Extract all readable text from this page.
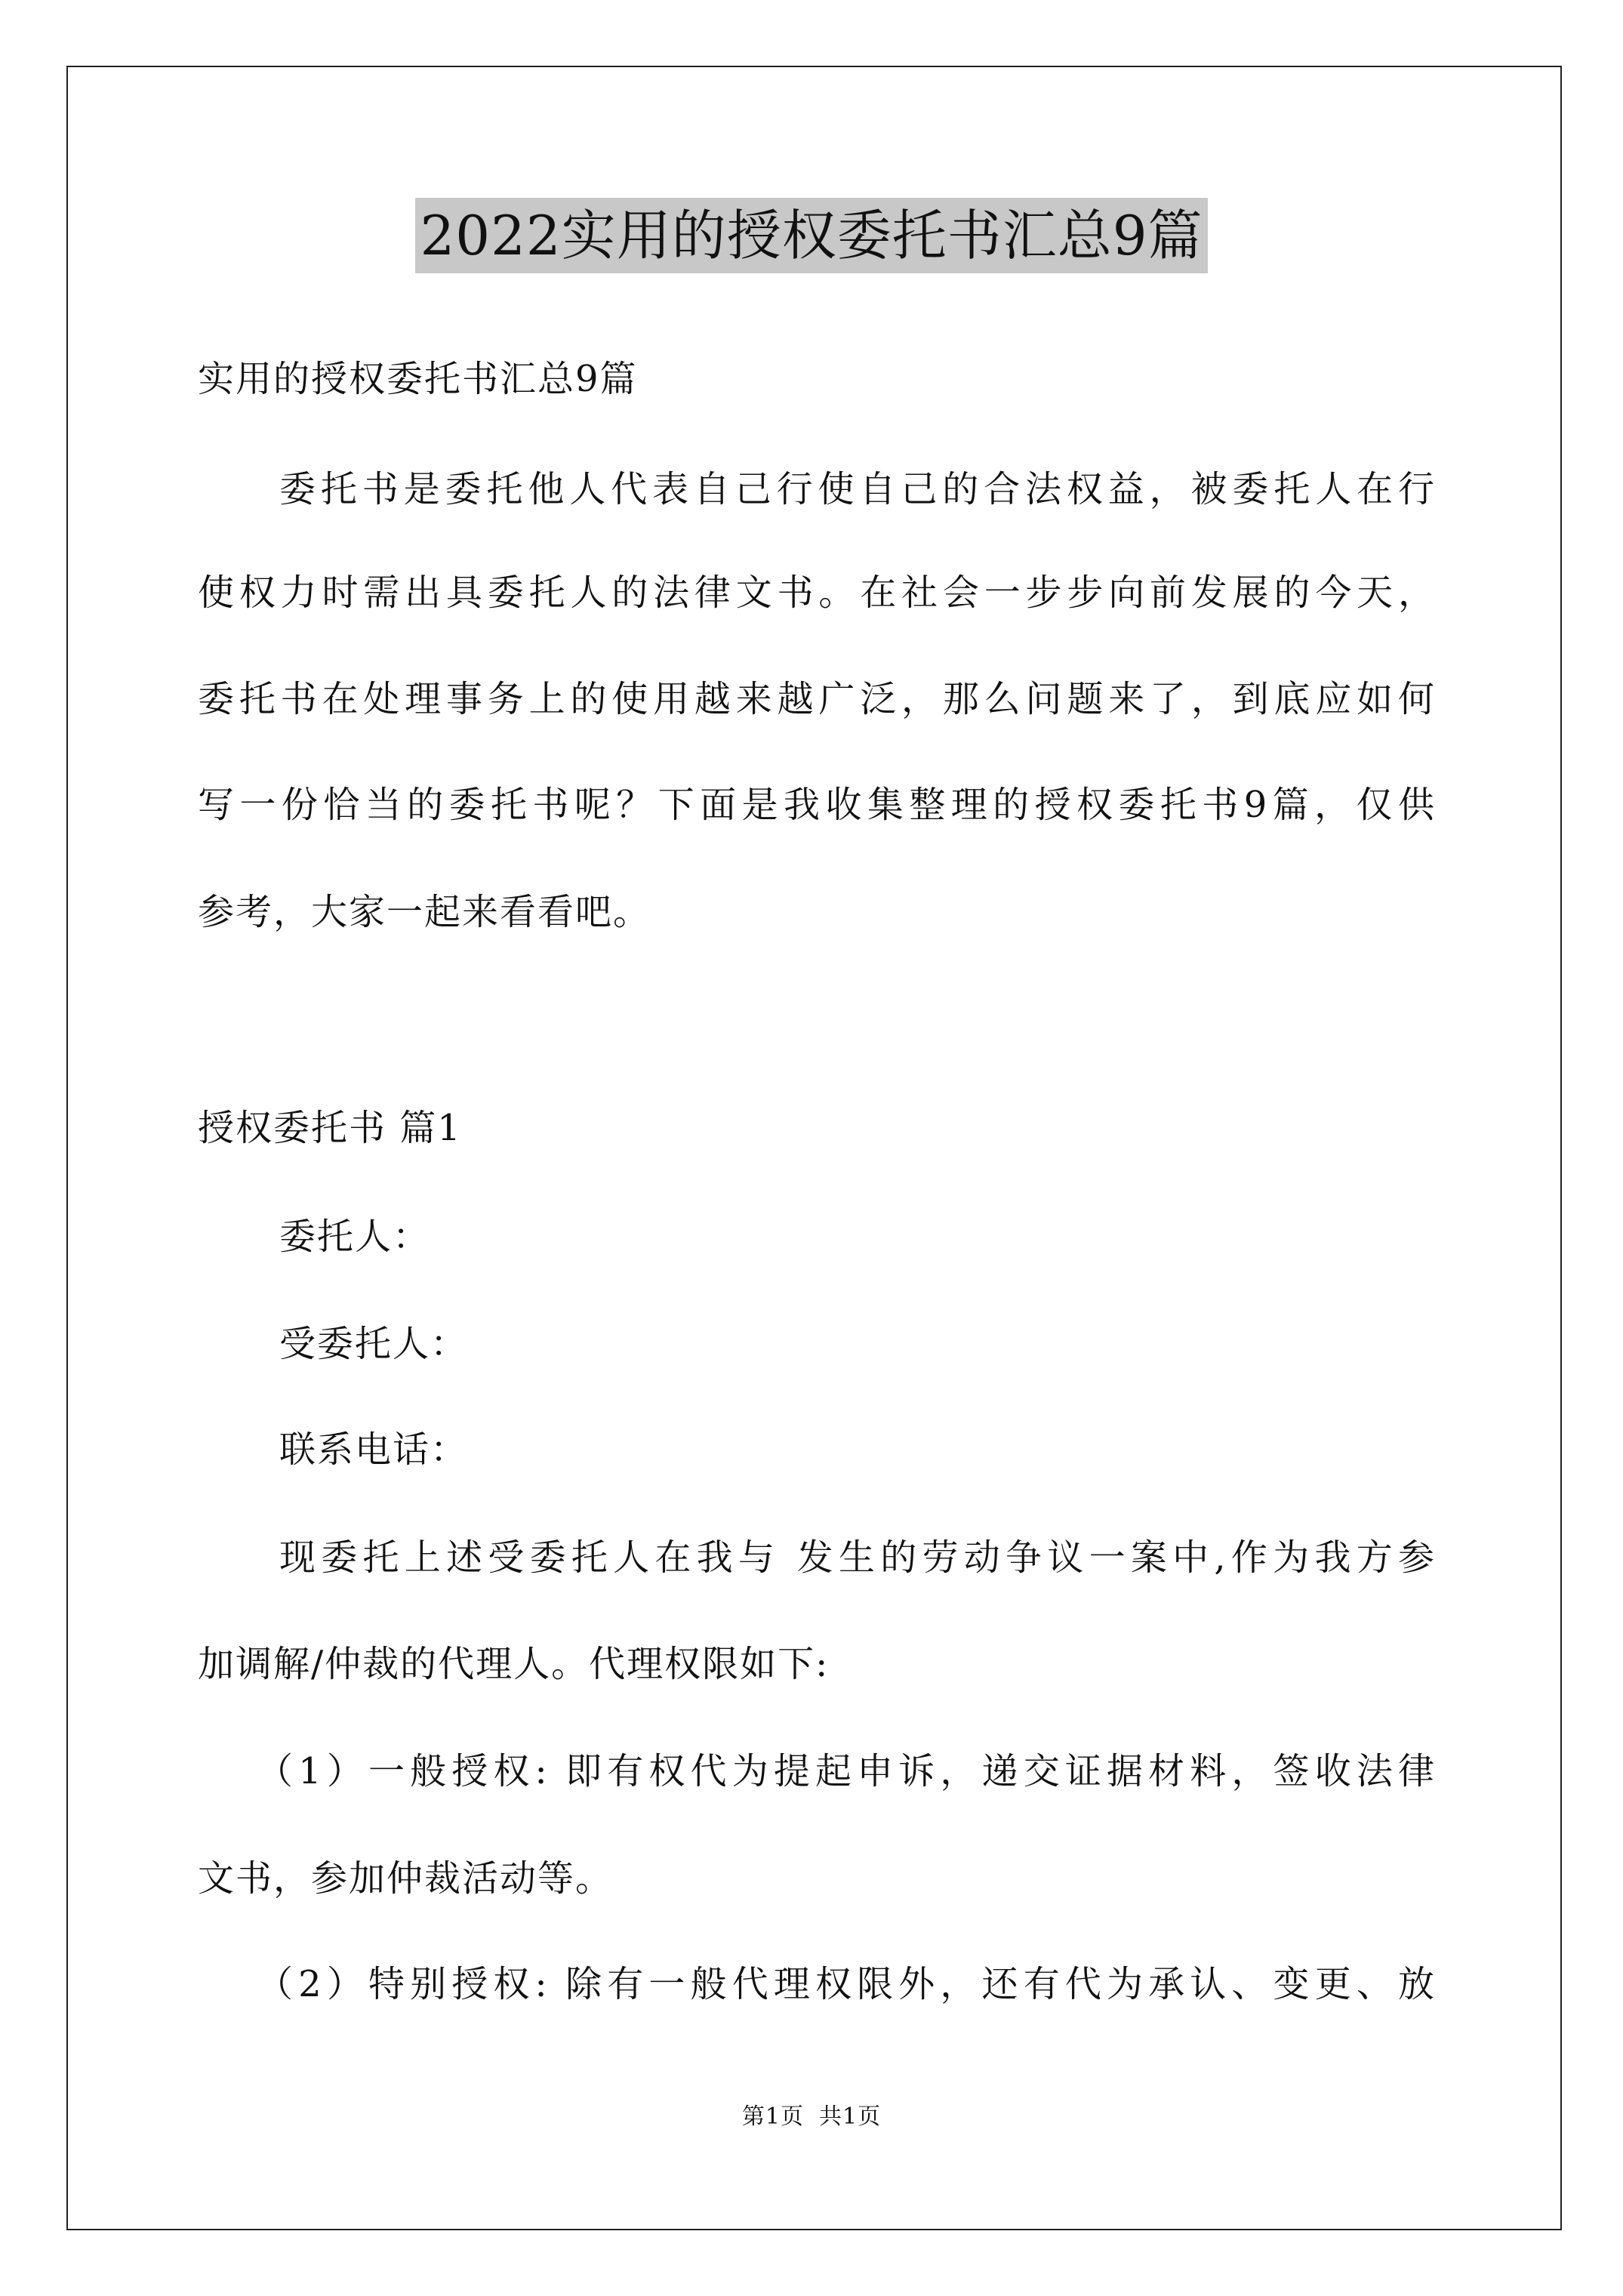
2022实用的授权委托书汇总9篇
实用的授权委托书汇总9篇
委托书是委托他人代表自己行使自己的合法权益，被委托人在行
使权力时需出具委托人的法律文书。在社会一步步向前发展的今天，
委托书在处理事务上的使用越来越广泛，那么问题来了，到底应如何
写一份恰当的委托书呢？下面是我收集整理的授权委托书9篇，仅供
参考，大家一起来看看吧。
授权委托书 篇1
委托人：
受委托人：
联系电话：
现委托上述受委托人在我与 发生的劳动争议一案中,作为我方参
加调解/仲裁的代理人。代理权限如下:
（1）一般授权: 即有权代为提起申诉，递交证据材料，签收法律
文书，参加仲裁活动等。
（2）特别授权: 除有一般代理权限外，还有代为承认、变更、放
第1页 共1页
